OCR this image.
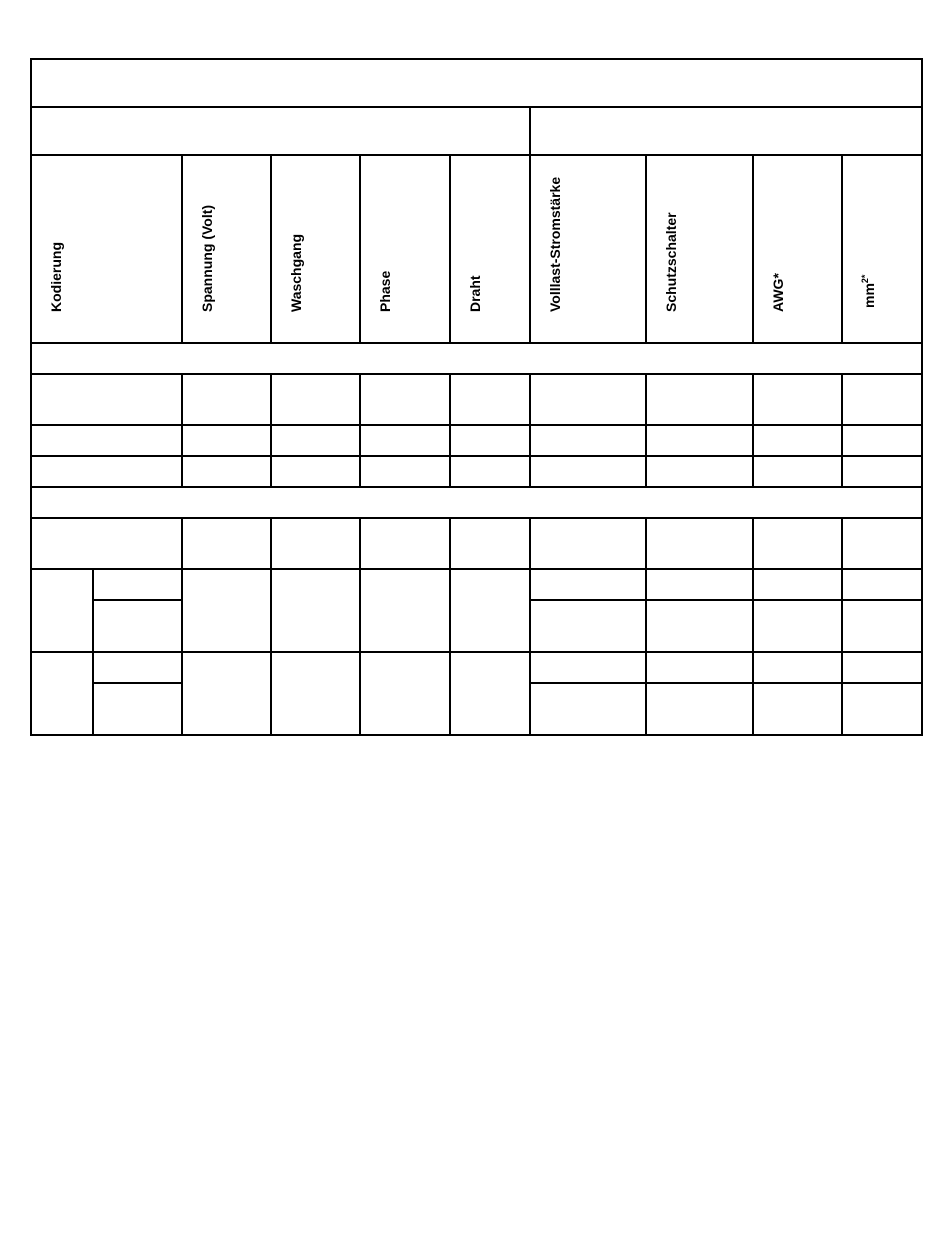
Kodierung		Spannung (Volt)	Waschgang	Phase	Draht	Volllast-Stromstärke	Schutzschalter	AWG*	$mm^{2*}$
